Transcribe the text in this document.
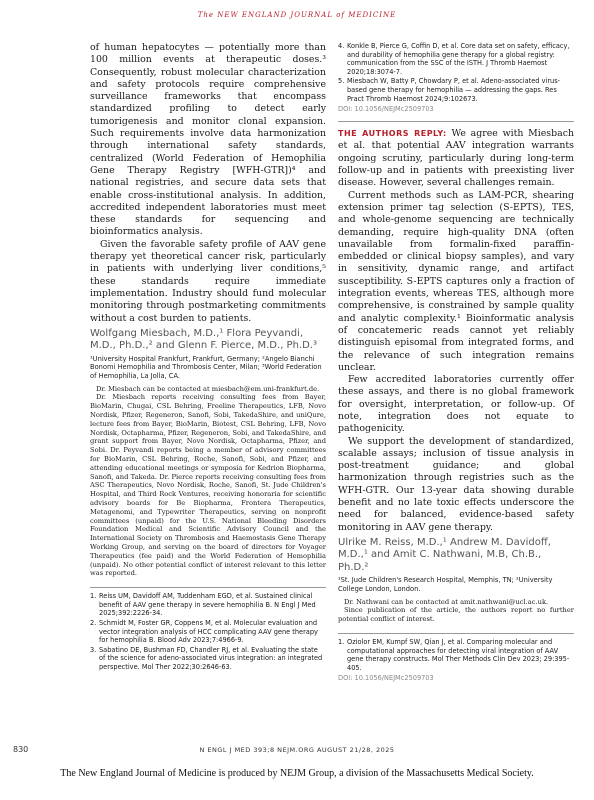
The NEW ENGLAND JOURNAL of MEDICINE

of human hepatocytes — potentially more than 100 million events at therapeutic doses.³ Consequently, robust molecular characterization and safety protocols require comprehensive surveillance frameworks that encompass standardized profiling to detect early tumorigenesis and monitor clonal expansion. Such requirements involve data harmonization through international safety standards, centralized (World Federation of Hemophilia Gene Therapy Registry [WFH-GTR])⁴ and national registries, and secure data sets that enable cross-institutional analysis. In addition, accredited independent laboratories must meet these standards for sequencing and bioinformatics analysis.

Given the favorable safety profile of AAV gene therapy yet theoretical cancer risk, particularly in patients with underlying liver conditions,⁵ these standards require immediate implementation. Industry should fund molecular monitoring through postmarketing commitments without a cost burden to patients.

Wolfgang Miesbach, M.D.,¹ Flora Peyvandi, M.D., Ph.D.,² and Glenn F. Pierce, M.D., Ph.D.³

¹University Hospital Frankfurt, Frankfurt, Germany; ²Angelo Bianchi Bonomi Hemophilia and Thrombosis Center, Milan; ³World Federation of Hemophilia, La Jolla, CA.

Dr. Miesbach can be contacted at miesbach@em.uni-frankfurt.de.

Dr. Miesbach reports receiving consulting fees from Bayer, BioMarin, Chugai, CSL Behring, Freeline Therapeutics, LFB, Novo Nordisk, Pfizer, Regeneron, Sanofi, Sobi, TakedaShire, and uniQure, lecture fees from Bayer, BioMarin, Biotest, CSL Behring, LFB, Novo Nordisk, Octapharma, Pfizer, Regeneron, Sobi, and TakedaShire, and grant support from Bayer, Novo Nordisk, Octapharma, Pfizer, and Sobi. Dr. Peyvandi reports being a member of advisory committees for BioMarin, CSL Behring, Roche, Sanofi, Sobi, and Pfizer, and attending educational meetings or symposia for Kedrion Biopharma, Sanofi, and Takeda. Dr. Pierce reports receiving consulting fees from ASC Therapeutics, Novo Nordisk, Roche, Sanofi, St. Jude Children's Hospital, and Third Rock Ventures, receiving honoraria for scientific advisory boards for Be Biopharma, Frontera Therapeutics, Metagenomi, and Typewriter Therapeutics, serving on nonprofit committees (unpaid) for the U.S. National Bleeding Disorders Foundation Medical and Scientific Advisory Council and the International Society on Thrombosis and Haemostasis Gene Therapy Working Group, and serving on the board of directors for Voyager Therapeutics (fee paid) and the World Federation of Hemophilia (unpaid). No other potential conflict of interest relevant to this letter was reported.

1. Reiss UM, Davidoff AM, Tuddenham EGD, et al. Sustained clinical benefit of AAV gene therapy in severe hemophilia B. N Engl J Med 2025;392:2226-34.
2. Schmidt M, Foster GR, Coppens M, et al. Molecular evaluation and vector integration analysis of HCC complicating AAV gene therapy for hemophilia B. Blood Adv 2023;7:4966-9.
3. Sabatino DE, Bushman FD, Chandler RJ, et al. Evaluating the state of the science for adeno-associated virus integration: an integrated perspective. Mol Ther 2022;30:2646-63.
4. Konkle B, Pierce G, Coffin D, et al. Core data set on safety, efficacy, and durability of hemophilia gene therapy for a global registry: communication from the SSC of the ISTH. J Thromb Haemost 2020;18:3074-7.
5. Miesbach W, Batty P, Chowdary P, et al. Adeno-associated virus-based gene therapy for hemophilia — addressing the gaps. Res Pract Thromb Haemost 2024;9:102673.

DOI: 10.1056/NEJMc2509703

THE AUTHORS REPLY: We agree with Miesbach et al. that potential AAV integration warrants ongoing scrutiny, particularly during long-term follow-up and in patients with preexisting liver disease. However, several challenges remain.

Current methods such as LAM-PCR, shearing extension primer tag selection (S-EPTS), TES, and whole-genome sequencing are technically demanding, require high-quality DNA (often unavailable from formalin-fixed paraffin-embedded or clinical biopsy samples), and vary in sensitivity, dynamic range, and artifact susceptibility. S-EPTS captures only a fraction of integration events, whereas TES, although more comprehensive, is constrained by sample quality and analytic complexity.¹ Bioinformatic analysis of concatemeric reads cannot yet reliably distinguish episomal from integrated forms, and the relevance of such integration remains unclear.

Few accredited laboratories currently offer these assays, and there is no global framework for oversight, interpretation, or follow-up. Of note, integration does not equate to pathogenicity.

We support the development of standardized, scalable assays; inclusion of tissue analysis in post-treatment guidance; and global harmonization through registries such as the WFH-GTR. Our 13-year data showing durable benefit and no late toxic effects underscore the need for balanced, evidence-based safety monitoring in AAV gene therapy.

Ulrike M. Reiss, M.D.,¹ Andrew M. Davidoff, M.D.,¹ and Amit C. Nathwani, M.B, Ch.B., Ph.D.²

¹St. Jude Children's Research Hospital, Memphis, TN; ²University College London, London.

Dr. Nathwani can be contacted at amit.nathwani@ucl.ac.uk.

Since publication of the article, the authors report no further potential conflict of interest.

1. Oziolor EM, Kumpf SW, Qian J, et al. Comparing molecular and computational approaches for detecting viral integration of AAV gene therapy constructs. Mol Ther Methods Clin Dev 2023; 29:395-405.

DOI: 10.1056/NEJMc2509703

830	N ENGL J MED 393;8 NEJM.ORG AUGUST 21/28, 2025
The New England Journal of Medicine is produced by NEJM Group, a division of the Massachusetts Medical Society.
